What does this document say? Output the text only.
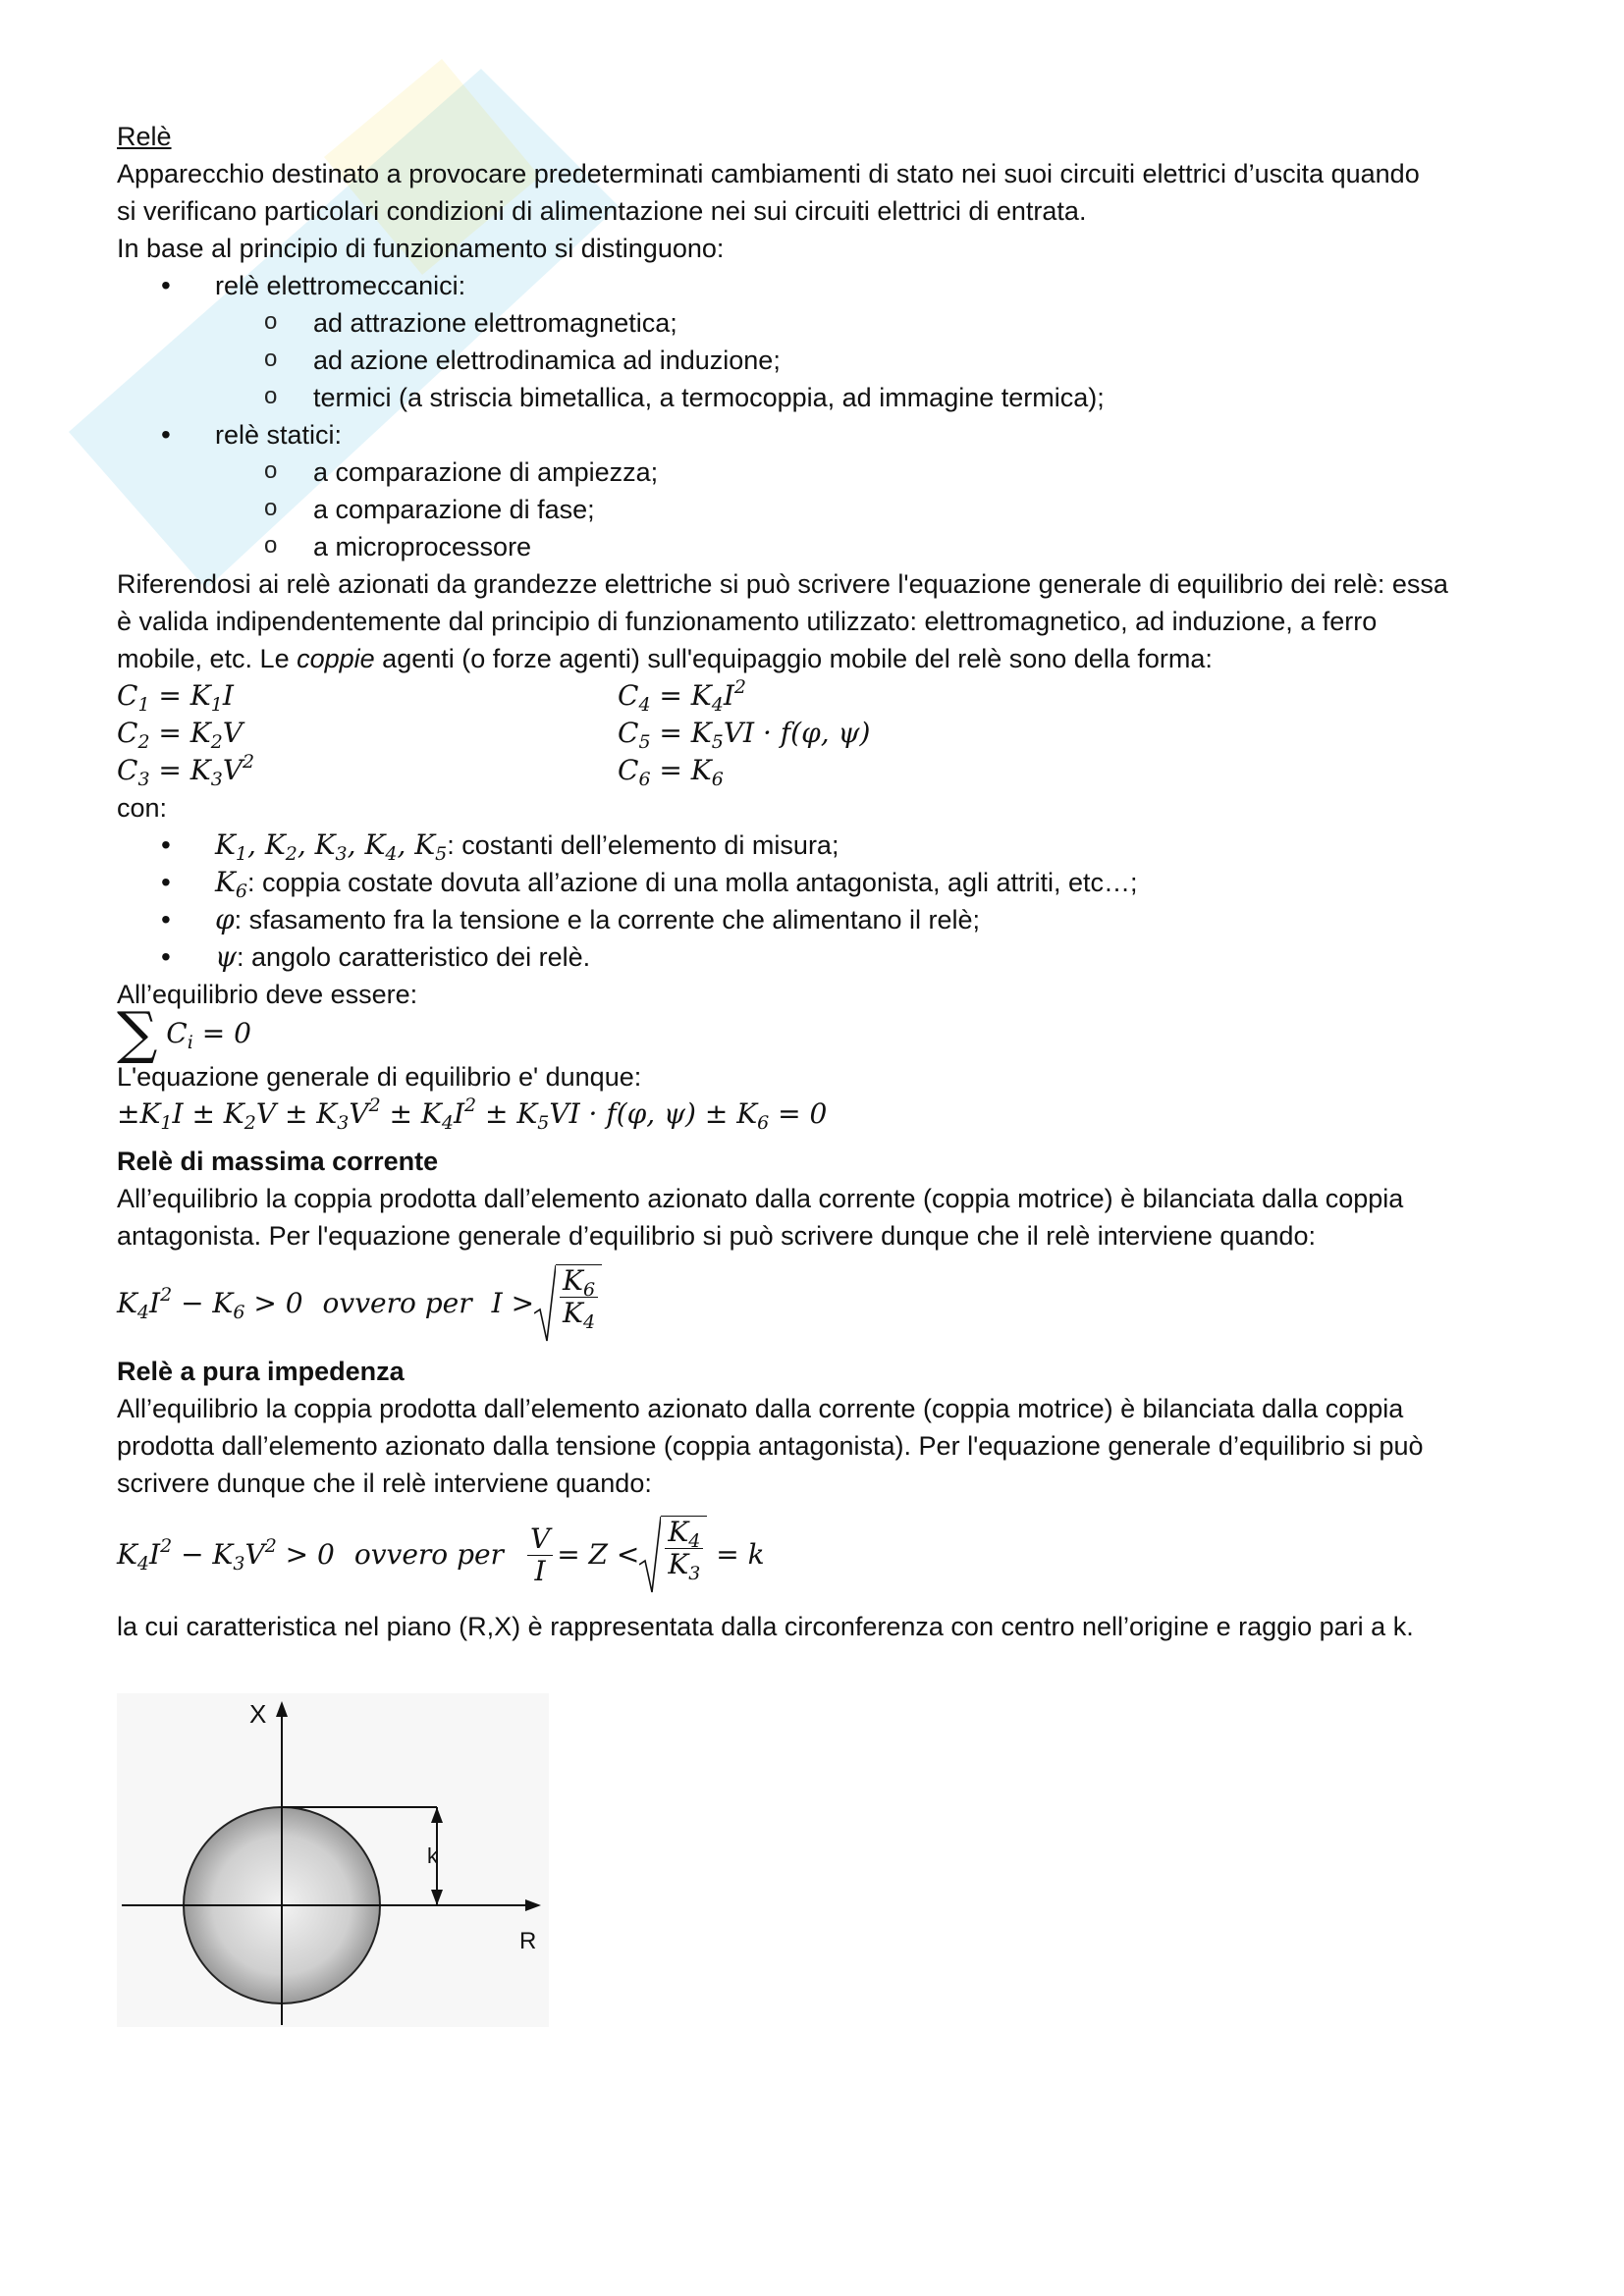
Relè

Apparecchio destinato a provocare predeterminati cambiamenti di stato nei suoi circuiti elettrici d’uscita quando

si verificano particolari condizioni di alimentazione nei sui circuiti elettrici di entrata.

In base al principio di funzionamento si distinguono:

• relè elettromeccanici:
o ad attrazione elettromagnetica;
o ad azione elettrodinamica ad induzione;
o termici (a striscia bimetallica, a termocoppia, ad immagine termica);
• relè statici:
o a comparazione di ampiezza;
o a comparazione di fase;
o a microprocessore

Riferendosi ai relè azionati da grandezze elettriche si può scrivere l'equazione generale di equilibrio dei relè: essa

è valida indipendentemente dal principio di funzionamento utilizzato: elettromagnetico, ad induzione, a ferro

mobile, etc. Le coppie agenti (o forze agenti) sull'equipaggio mobile del relè sono della forma:

$C_1 = K_1I$	$C_4 = K_4I^2$
$C_2 = K_2V$	$C_5 = K_5VI \cdot f(\varphi$, ψ)
$C_3 = K_3V^2$	$C_6 = K_6$

con:

• $K_1$, $K_2$, $K_3$, $K_4$, $K_5$: costanti dell’elemento di misura;
• $K_6$: coppia costate dovuta all’azione di una molla antagonista, agli attriti, etc…;
• φ: sfasamento fra la tensione e la corrente che alimentano il relè;
• ψ: angolo caratteristico dei relè.

All’equilibrio deve essere:

∑ $C_i = 0$

L'equazione generale di equilibrio e' dunque:

$\pm K_1I \pm K_2V \pm K_3V^2 \pm K_4I^2 \pm K_5VI \cdot f(\varphi$, $\psi) \pm K_6 = 0$

Relè di massima corrente

All’equilibrio la coppia prodotta dall’elemento azionato dalla corrente (coppia motrice) è bilanciata dalla coppia

antagonista. Per l'equazione generale d’equilibrio si può scrivere dunque che il relè interviene quando:

$K_4I^2 - K_6 > 0$ ovvero per $I > \frac{K_6}{K_4}$

Relè a pura impedenza

All’equilibrio la coppia prodotta dall’elemento azionato dalla corrente (coppia motrice) è bilanciata dalla coppia

prodotta dall’elemento azionato dalla tensione (coppia antagonista). Per l'equazione generale d’equilibrio si può

scrivere dunque che il relè interviene quando:

$K_4I^2 - K_3V^2 > 0$ ovvero per $\frac{V}{I} = Z < \frac{K_4}{K_3} = k$

la cui caratteristica nel piano (R,X) è rappresentata dalla circonferenza con centro nell’origine e raggio pari a k.

X
R
k
